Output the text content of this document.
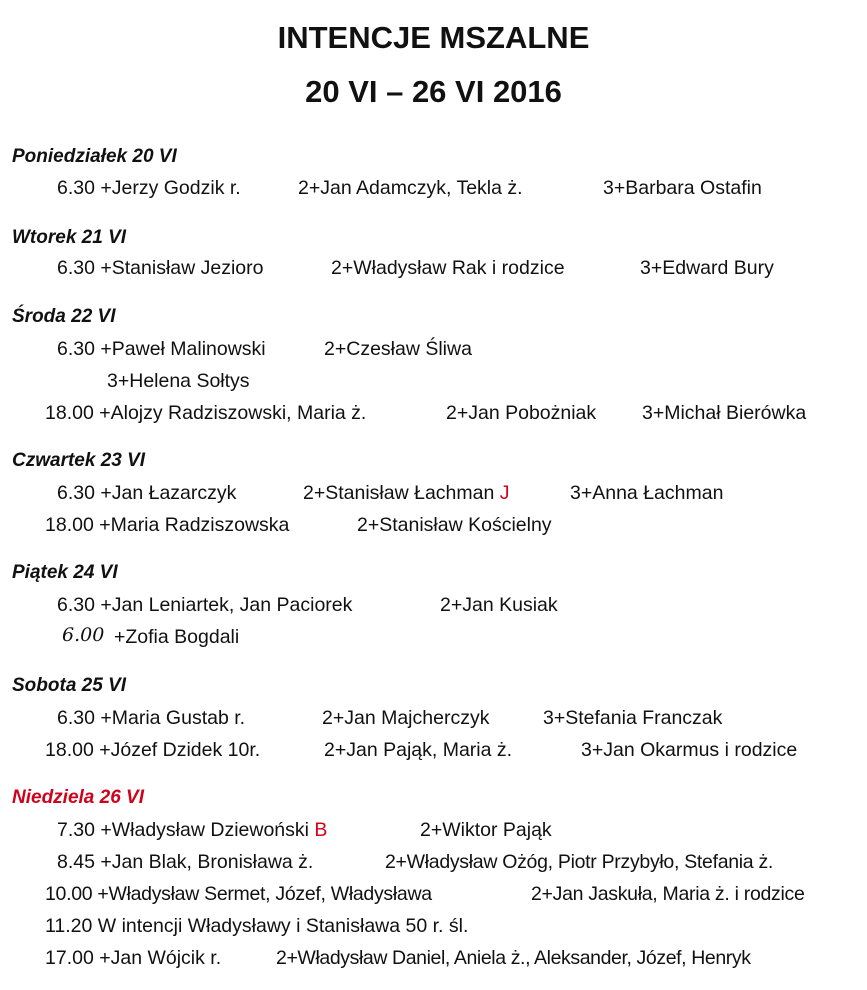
INTENCJE MSZALNE
20 VI – 26 VI 2016
Poniedziałek 20 VI
6.30 +Jerzy Godzik r.	2+Jan Adamczyk, Tekla ż.	3+Barbara Ostafin
Wtorek 21 VI
6.30 +Stanisław Jezioro	2+Władysław Rak i rodzice	3+Edward Bury
Środa 22 VI
6.30 +Paweł Malinowski	2+Czesław Śliwa
3+Helena Sołtys
18.00 +Alojzy Radziszowski, Maria ż.	2+Jan Pobożniak 3+Michał Bierówka
Czwartek 23 VI
6.30 +Jan Łazarczyk	2+Stanisław Łachman J	3+Anna Łachman
18.00 +Maria Radziszowska	2+Stanisław Kościelny
Piątek 24 VI
6.30 +Jan Leniartek, Jan Paciorek	2+Jan Kusiak
6.00 +Zofia Bogdali
Sobota 25 VI
6.30 +Maria Gustab r.	2+Jan Majcherczyk	3+Stefania Franczak
18.00 +Józef Dzidek 10r.	2+Jan Pająk, Maria ż.	3+Jan Okarmus i rodzice
Niedziela 26 VI
7.30 +Władysław Dziewoński B	2+Wiktor Pająk
8.45 +Jan Blak, Bronisława ż.	2+Władysław Ożóg, Piotr Przybyło, Stefania ż.
10.00 +Władysław Sermet, Józef, Władysława	2+Jan Jaskuła, Maria ż. i rodzice
11.20 W intencji Władysławy i Stanisława 50 r. śl.
17.00 +Jan Wójcik r.	2+Władysław Daniel, Aniela ż., Aleksander, Józef, Henryk
